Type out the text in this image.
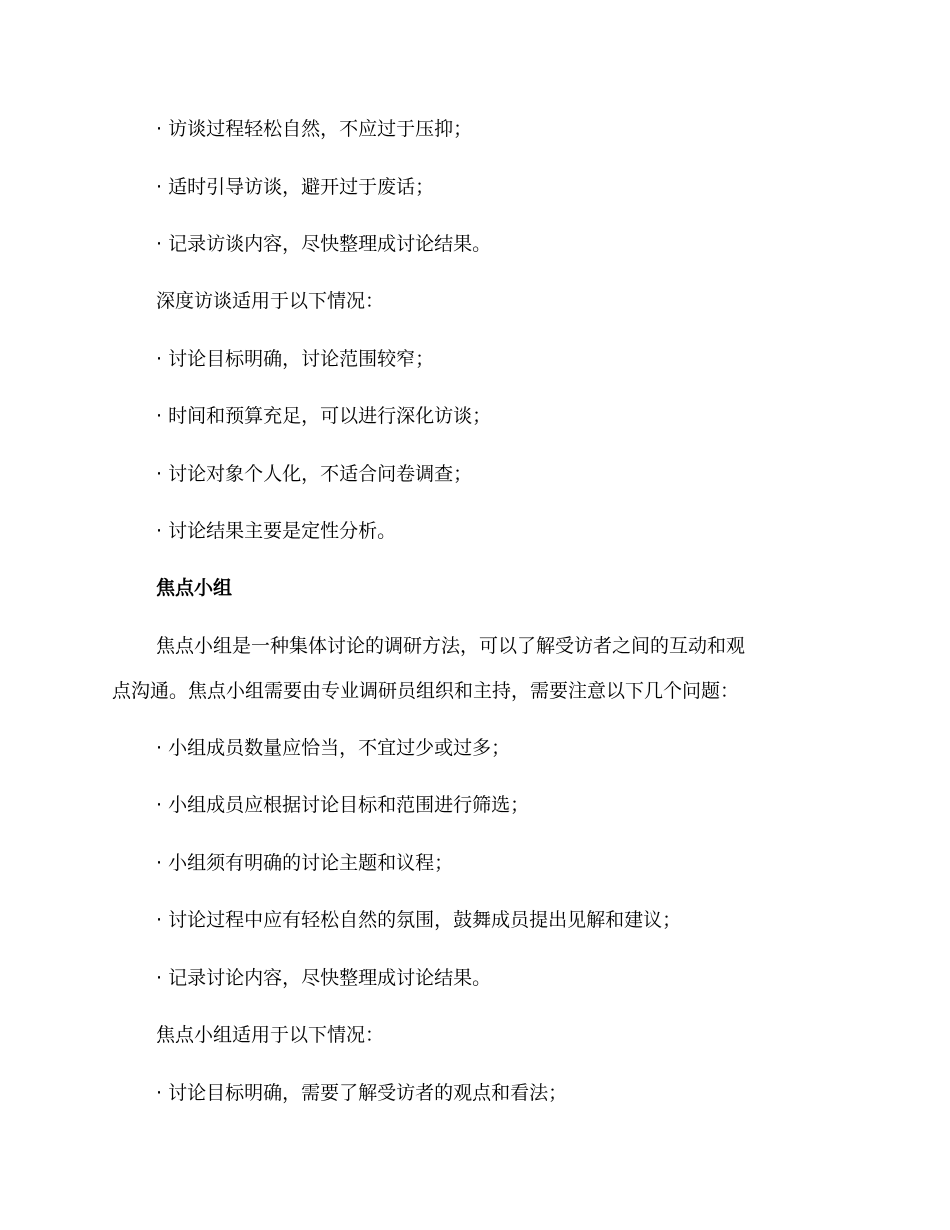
· 访谈过程轻松自然，不应过于压抑；
· 适时引导访谈，避开过于废话；
· 记录访谈内容，尽快整理成讨论结果。
深度访谈适用于以下情况：
· 讨论目标明确，讨论范围较窄；
· 时间和预算充足，可以进行深化访谈；
· 讨论对象个人化，不适合问卷调查；
· 讨论结果主要是定性分析。
焦点小组
焦点小组是一种集体讨论的调研方法，可以了解受访者之间的互动和观
点沟通。焦点小组需要由专业调研员组织和主持，需要注意以下几个问题：
· 小组成员数量应恰当，不宜过少或过多；
· 小组成员应根据讨论目标和范围进行筛选；
· 小组须有明确的讨论主题和议程；
· 讨论过程中应有轻松自然的氛围，鼓舞成员提出见解和建议；
· 记录讨论内容，尽快整理成讨论结果。
焦点小组适用于以下情况：
· 讨论目标明确，需要了解受访者的观点和看法；
